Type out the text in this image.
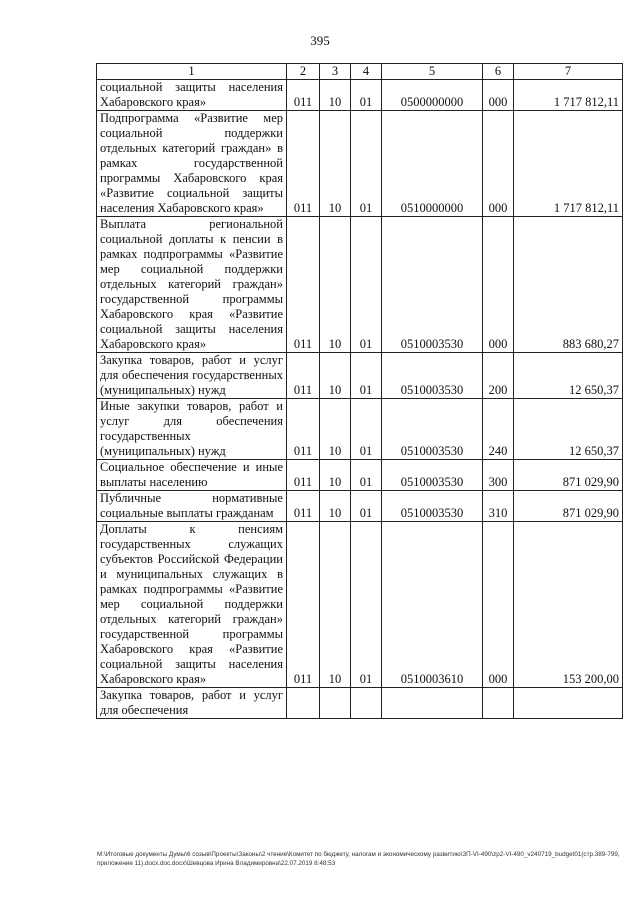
395
1	2	3	4	5	6	7
социальной защиты населения Хабаровского края»	011	10	01	0500000000	000	1 717 812,11
Подпрограмма «Развитие мер социальной поддержки отдельных категорий граждан» в рамках государственной программы Хабаровского края «Развитие социальной защиты населения Хабаровского края»	011	10	01	0510000000	000	1 717 812,11
Выплата региональной социальной доплаты к пенсии в рамках подпрограммы «Развитие мер социальной поддержки отдельных категорий граждан» государственной программы Хабаровского края «Развитие социальной защиты населения Хабаровского края»	011	10	01	0510003530	000	883 680,27
Закупка товаров, работ и услуг для обеспечения государственных (муниципальных) нужд	011	10	01	0510003530	200	12 650,37
Иные закупки товаров, работ и услуг для обеспечения государственных (муниципальных) нужд	011	10	01	0510003530	240	12 650,37
Социальное обеспечение и иные выплаты населению	011	10	01	0510003530	300	871 029,90
Публичные нормативные социальные выплаты гражданам	011	10	01	0510003530	310	871 029,90
Доплаты к пенсиям государственных служащих субъектов Российской Федерации и муниципальных служащих в рамках подпрограммы «Развитие мер социальной поддержки отдельных категорий граждан» государственной программы Хабаровского края «Развитие социальной защиты населения Хабаровского края»	011	10	01	0510003610	000	153 200,00
Закупка товаров, работ и услуг для обеспечения						
M:\Итоговые документы Думы\6 созыв\Проекты\Законы\2 чтение\Комитет по бюджету, налогам и экономическому развитию\ЗП-VI-490\zp2-VI-490_v240719_budget01(стр.389-799, приложение 11).docx.doc.docx\Шевцова Ирина Владимировна\22.07.2019 8:48:53
